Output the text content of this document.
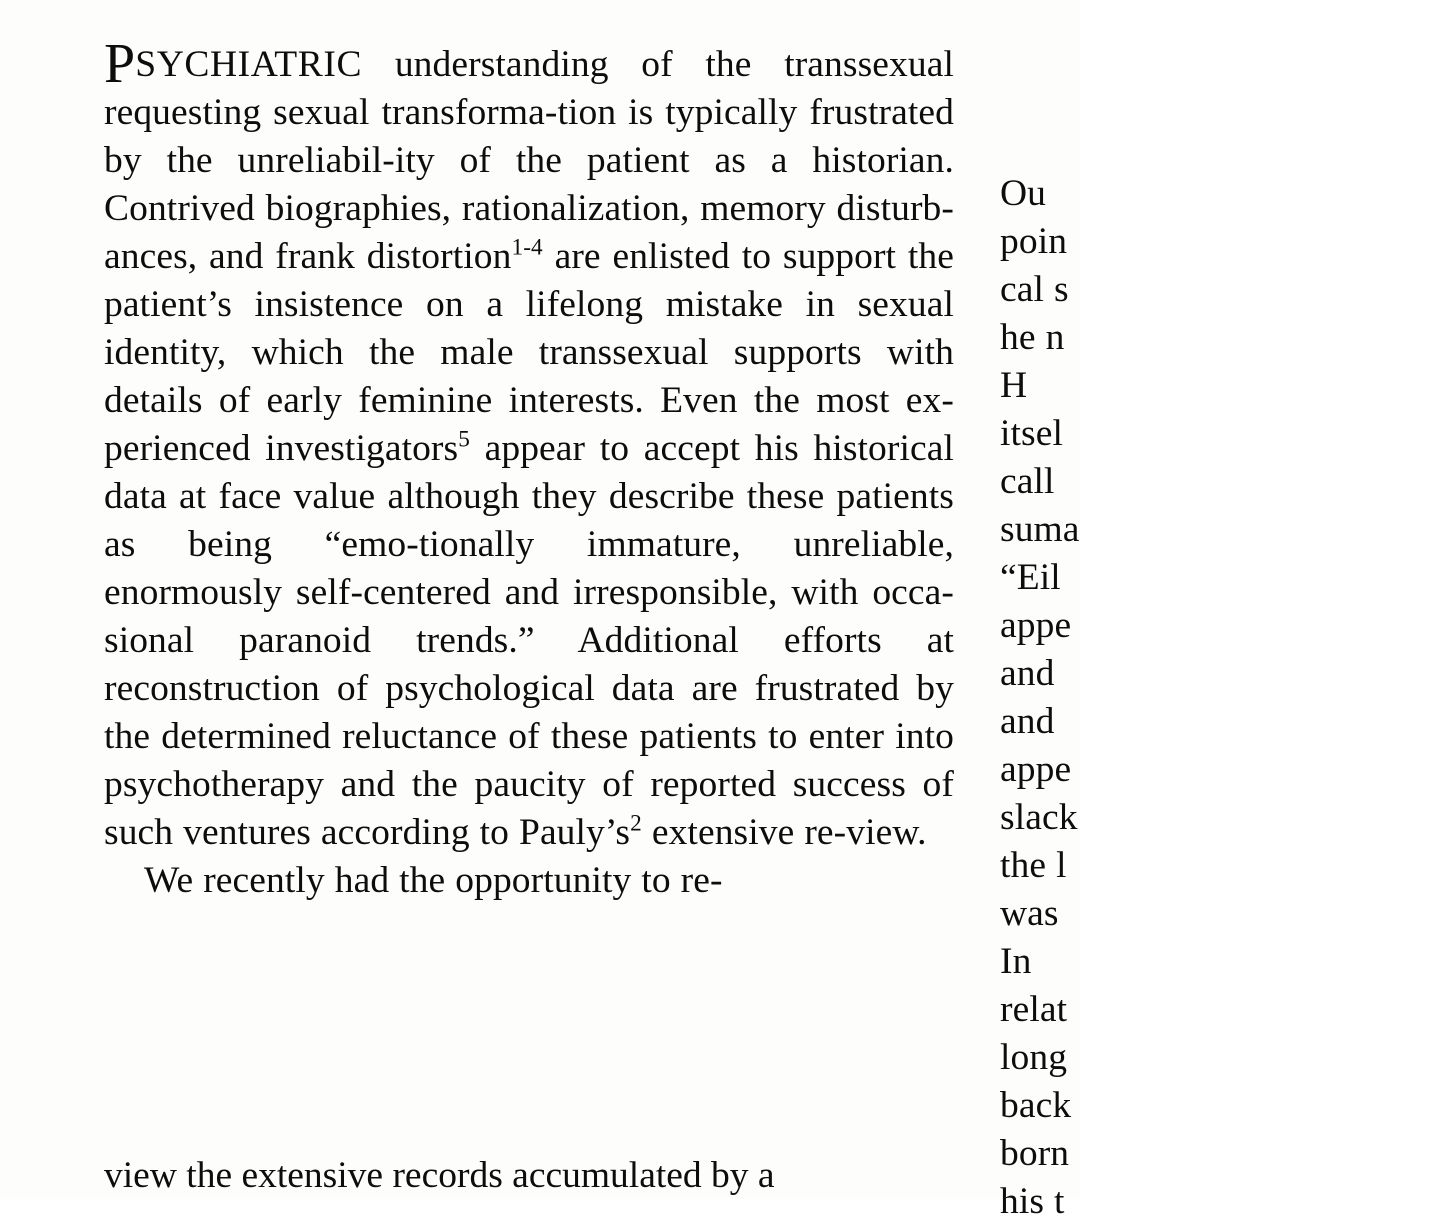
PSYCHIATRIC understanding of the transsexual requesting sexual transforma-tion is typically frustrated by the unreliabil-ity of the patient as a historian. Contrived biographies, rationalization, memory disturb-ances, and frank distortion$^{1-4}$ are enlisted to support the patient’s insistence on a lifelong mistake in sexual identity, which the male transsexual supports with details of early feminine interests. Even the most ex-perienced investigators$^5$ appear to accept his historical data at face value although they describe these patients as being “emo-tionally immature, unreliable, enormously self-centered and irresponsible, with occa-sional paranoid trends.” Additional efforts at reconstruction of psychological data are frustrated by the determined reluctance of these patients to enter into psychotherapy and the paucity of reported success of such ventures according to $Pauly’s^2$ extensive re-view.

We recently had the opportunity to re-

view the extensive records accumulated by a

Ou

poin

cal s

he n

H

itsel

call

suma

“Eil

appe

and

and

appe

slack

the l

was

In

relat

long

back

born

his t
